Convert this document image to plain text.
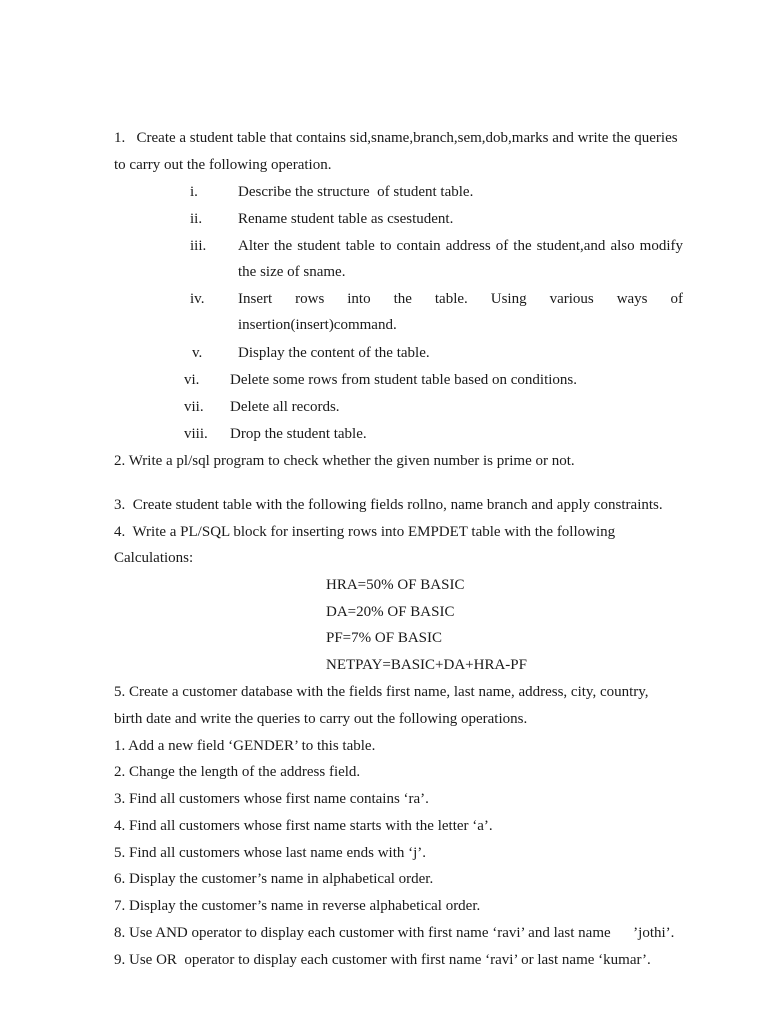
1.   Create a student table that contains sid,sname,branch,sem,dob,marks and write the queries
to carry out the following operation.
i.	Describe the structure  of student table.
ii. Rename student table as csestudent.
iii. Alter the student table to contain address of the student,and also modify
the size of sname.
iv. Insert rows into the table. Using various ways of
insertion(insert)command.
v. Display the content of the table.
vi. Delete some rows from student table based on conditions.
vii. Delete all records.
viii. Drop the student table.
2. Write a pl/sql program to check whether the given number is prime or not.
3.  Create student table with the following fields rollno, name branch and apply constraints.
4.  Write a PL/SQL block for inserting rows into EMPDET table with the following
Calculations:
HRA=50% OF BASIC
DA=20% OF BASIC
PF=7% OF BASIC
NETPAY=BASIC+DA+HRA-PF
5. Create a customer database with the fields first name, last name, address, city, country,
birth date and write the queries to carry out the following operations.
1. Add a new field ‘GENDER’ to this table.
2. Change the length of the address field.
3. Find all customers whose first name contains ‘ra’.
4. Find all customers whose first name starts with the letter ‘a’.
5. Find all customers whose last name ends with ‘j’.
6. Display the customer’s name in alphabetical order.
7. Display the customer’s name in reverse alphabetical order.
8. Use AND operator to display each customer with first name ‘ravi’ and last name      ’jothi’.
9. Use OR  operator to display each customer with first name ‘ravi’ or last name ‘kumar’.
